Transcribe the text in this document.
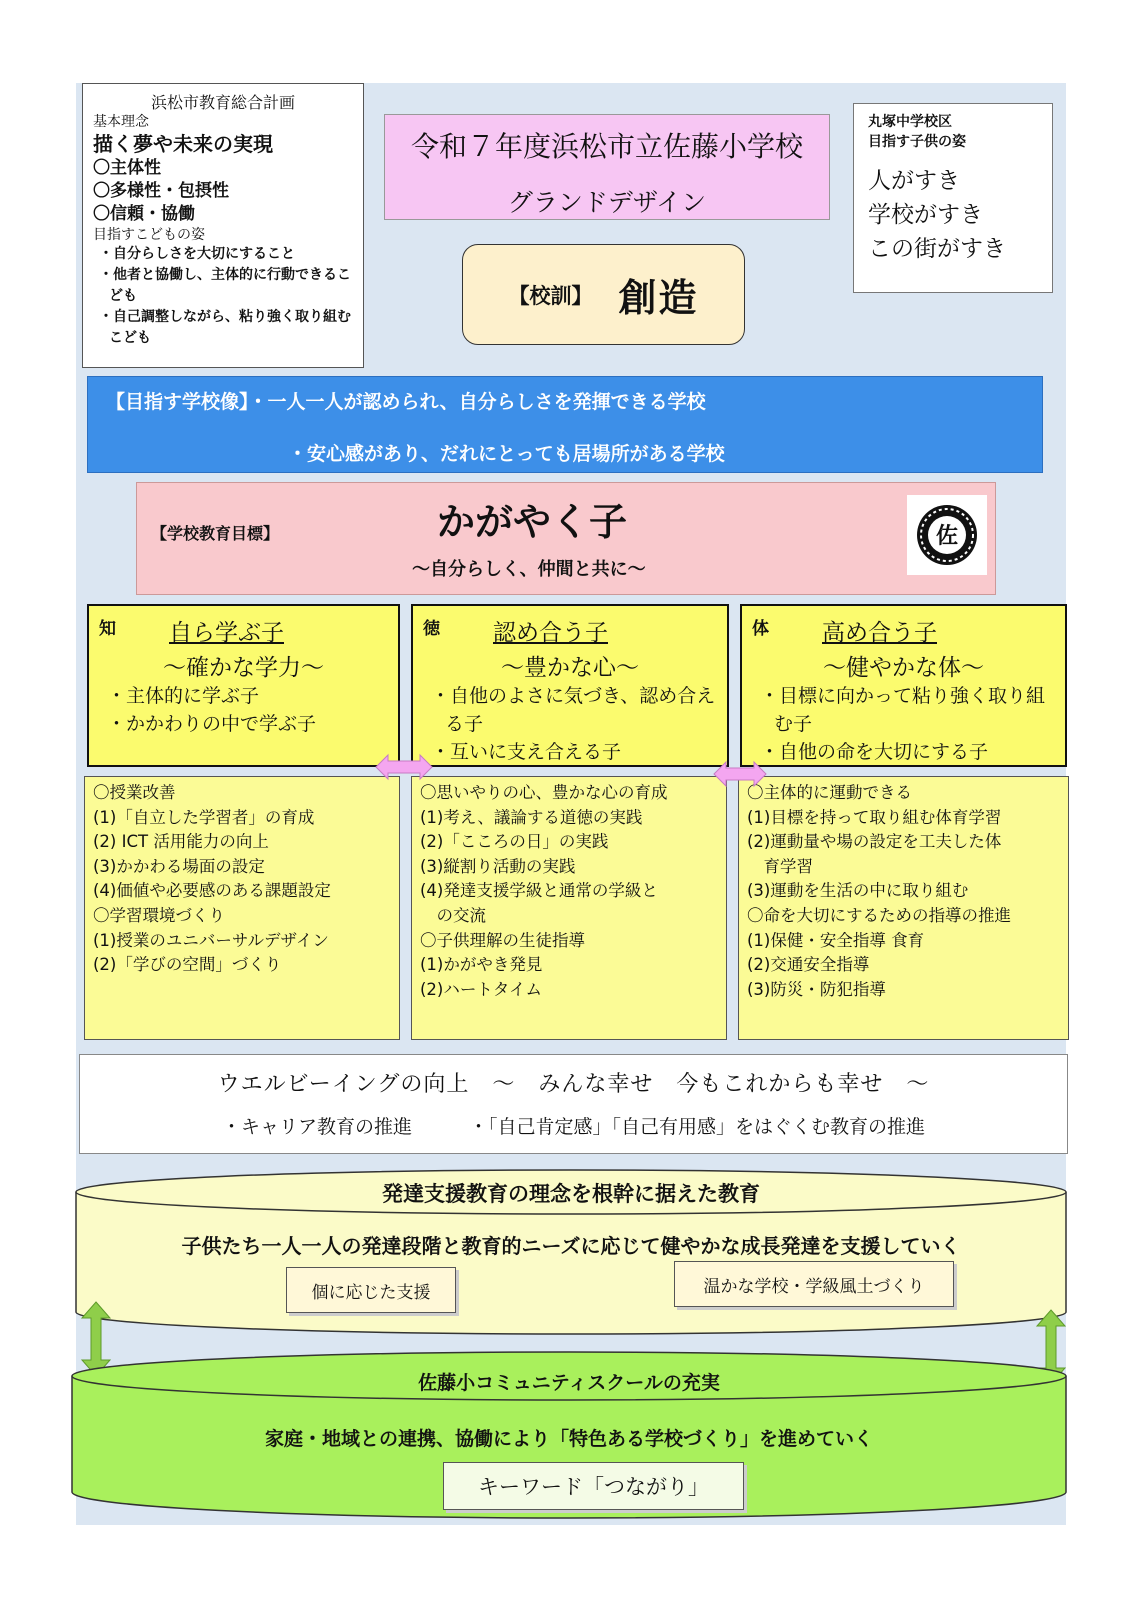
浜松市教育総合計画
基本理念
描く夢や未来の実現
〇主体性
〇多様性・包摂性
〇信頼・協働
目指すこどもの姿
・自分らしさを大切にすること
・他者と協働し、主体的に行動できるこども
・自己調整しながら、粘り強く取り組むこども
令和７年度浜松市立佐藤小学校
グランドデザイン
丸塚中学校区
目指す子供の姿
人がすき
学校がすき
この街がすき
【校訓】 創造
【目指す学校像】・一人一人が認められ、自分らしさを発揮できる学校
・安心感があり、だれにとっても居場所がある学校
【学校教育目標】	かがやく子
～自分らしく、仲間と共に～
佐
知	自ら学ぶ子
～確かな学力～
・主体的に学ぶ子
・かかわりの中で学ぶ子
徳	認め合う子
～豊かな心～
・自他のよさに気づき、認め合える子
・互いに支え合える子
体	高め合う子
～健やかな体～
・目標に向かって粘り強く取り組む子
・自他の命を大切にする子
〇授業改善
(1)「自立した学習者」の育成
(2) ICT 活用能力の向上
(3)かかわる場面の設定
(4)価値や必要感のある課題設定
〇学習環境づくり
(1)授業のユニバーサルデザイン
(2)「学びの空間」づくり
〇思いやりの心、豊かな心の育成
(1)考え、議論する道徳の実践
(2)「こころの日」の実践
(3)縦割り活動の実践
(4)発達支援学級と通常の学級と
　の交流
〇子供理解の生徒指導
(1)かがやき発見
(2)ハートタイム
〇主体的に運動できる
(1)目標を持って取り組む体育学習
(2)運動量や場の設定を工夫した体
　育学習
(3)運動を生活の中に取り組む
〇命を大切にするための指導の推進
(1)保健・安全指導 食育
(2)交通安全指導
(3)防災・防犯指導
ウエルビーイングの向上　～　みんな幸せ　今もこれからも幸せ　～
・キャリア教育の推進　　　・「自己肯定感」「自己有用感」をはぐくむ教育の推進
発達支援教育の理念を根幹に据えた教育
子供たち一人一人の発達段階と教育的ニーズに応じて健やかな成長発達を支援していく
個に応じた支援	温かな学校・学級風土づくり
佐藤小コミュニティスクールの充実
家庭・地域との連携、協働により「特色ある学校づくり」を進めていく
キーワード「つながり」
